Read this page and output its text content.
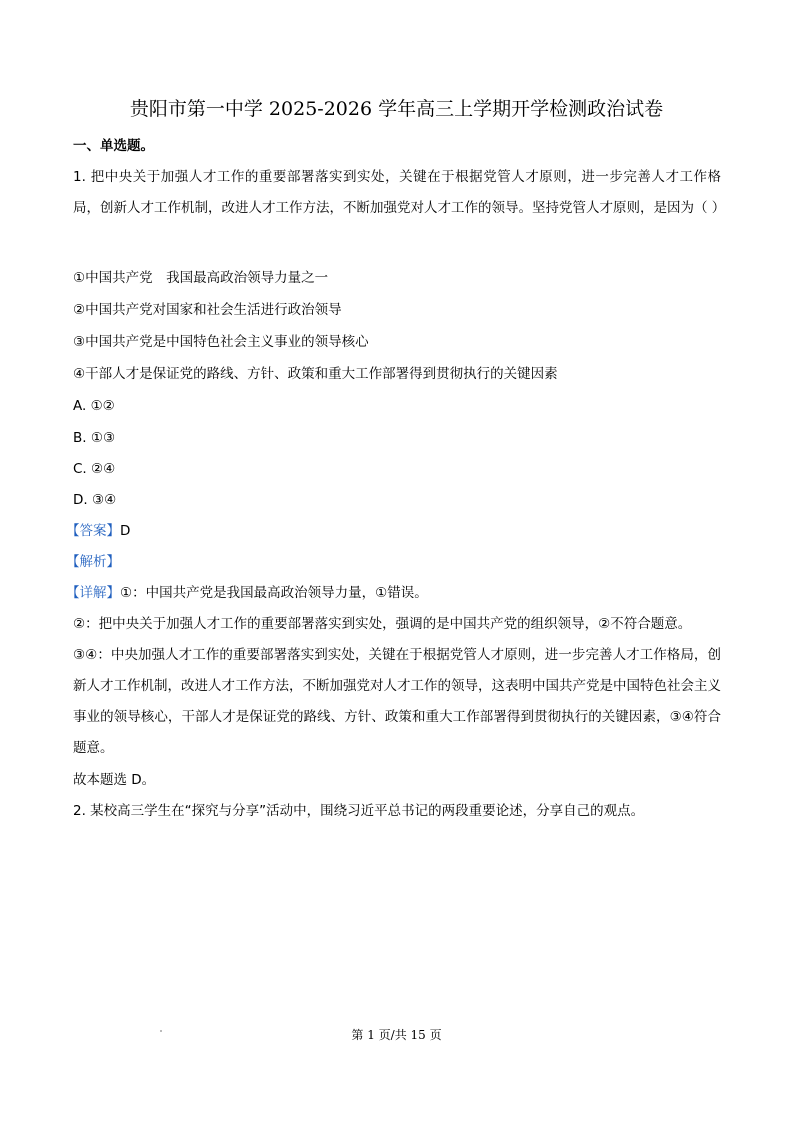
贵阳市第一中学 2025-2026 学年高三上学期开学检测政治试卷
一、单选题。
1. 把中央关于加强人才工作的重要部署落实到实处，关键在于根据党管人才原则，进一步完善人才工作格局，创新人才工作机制，改进人才工作方法，不断加强党对人才工作的领导。坚持党管人才原则，是因为（ ）
①中国共产党　我国最高政治领导力量之一
②中国共产党对国家和社会生活进行政治领导
③中国共产党是中国特色社会主义事业的领导核心
④干部人才是保证党的路线、方针、政策和重大工作部署得到贯彻执行的关键因素
A. ①②
B. ①③
C. ②④
D. ③④
【答案】D
【解析】
【详解】①：中国共产党是我国最高政治领导力量，①错误。
②：把中央关于加强人才工作的重要部署落实到实处，强调的是中国共产党的组织领导，②不符合题意。
③④：中央加强人才工作的重要部署落实到实处，关键在于根据党管人才原则，进一步完善人才工作格局，创新人才工作机制，改进人才工作方法，不断加强党对人才工作的领导，这表明中国共产党是中国特色社会主义事业的领导核心，干部人才是保证党的路线、方针、政策和重大工作部署得到贯彻执行的关键因素，③④符合题意。
故本题选 D。
2. 某校高三学生在“探究与分享”活动中，围绕习近平总书记的两段重要论述，分享自己的观点。
第 1 页/共 15 页
